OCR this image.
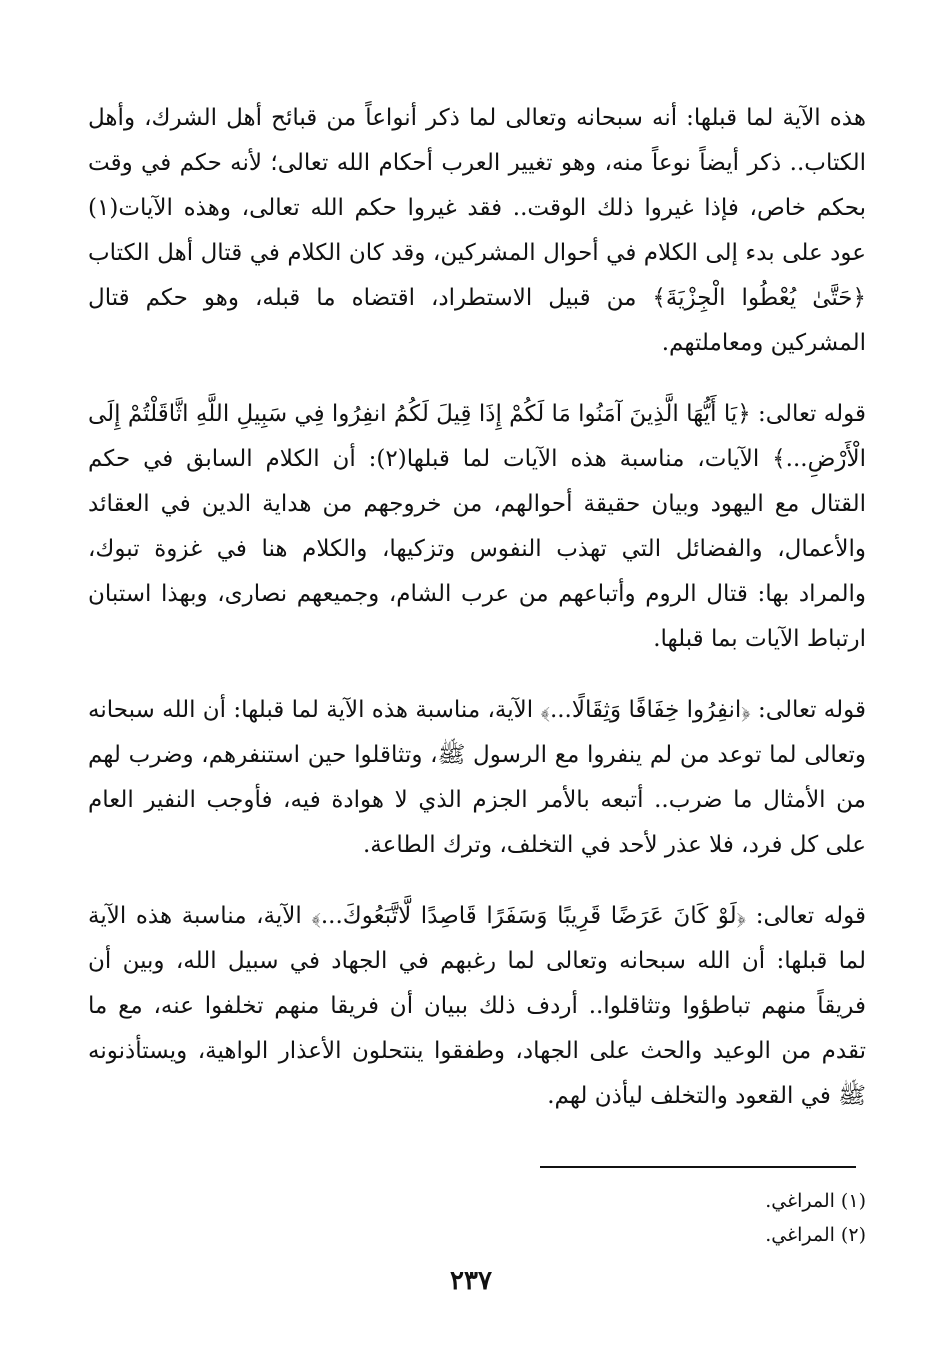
هذه الآية لما قبلها: أنه سبحانه وتعالى لما ذكر أنواعاً من قبائح أهل الشرك، وأهل الكتاب.. ذكر أيضاً نوعاً منه، وهو تغيير العرب أحكام الله تعالى؛ لأنه حكم في وقت بحكم خاص، فإذا غيروا ذلك الوقت.. فقد غيروا حكم الله تعالى، وهذه الآيات(١) عود على بدء إلى الكلام في أحوال المشركين، وقد كان الكلام في قتال أهل الكتاب ﴿حَتَّىٰ يُعْطُوا الْجِزْيَةَ﴾ من قبيل الاستطراد، اقتضاه ما قبله، وهو حكم قتال المشركين ومعاملتهم.

قوله تعالى: ﴿يَا أَيُّهَا الَّذِينَ آمَنُوا مَا لَكُمْ إِذَا قِيلَ لَكُمُ انفِرُوا فِي سَبِيلِ اللَّهِ اثَّاقَلْتُمْ إِلَى الْأَرْضِ...﴾ الآيات، مناسبة هذه الآيات لما قبلها(٢): أن الكلام السابق في حكم القتال مع اليهود وبيان حقيقة أحوالهم، من خروجهم من هداية الدين في العقائد والأعمال، والفضائل التي تهذب النفوس وتزكيها، والكلام هنا في غزوة تبوك، والمراد بها: قتال الروم وأتباعهم من عرب الشام، وجميعهم نصارى، وبهذا استبان ارتباط الآيات بما قبلها.

قوله تعالى: ﴿انفِرُوا خِفَافًا وَثِقَالًا...﴾ الآية، مناسبة هذه الآية لما قبلها: أن الله سبحانه وتعالى لما توعد من لم ينفروا مع الرسول ﷺ، وتثاقلوا حين استنفرهم، وضرب لهم من الأمثال ما ضرب.. أتبعه بالأمر الجزم الذي لا هوادة فيه، فأوجب النفير العام على كل فرد، فلا عذر لأحد في التخلف، وترك الطاعة.

قوله تعالى: ﴿لَوْ كَانَ عَرَضًا قَرِيبًا وَسَفَرًا قَاصِدًا لَّاتَّبَعُوكَ...﴾ الآية، مناسبة هذه الآية لما قبلها: أن الله سبحانه وتعالى لما رغبهم في الجهاد في سبيل الله، وبين أن فريقاً منهم تباطؤوا وتثاقلوا.. أردف ذلك ببيان أن فريقا منهم تخلفوا عنه، مع ما تقدم من الوعيد والحث على الجهاد، وطفقوا ينتحلون الأعذار الواهية، ويستأذنونه ﷺ في القعود والتخلف ليأذن لهم.

(١) المراغي.

(٢) المراغي.

٢٣٧
